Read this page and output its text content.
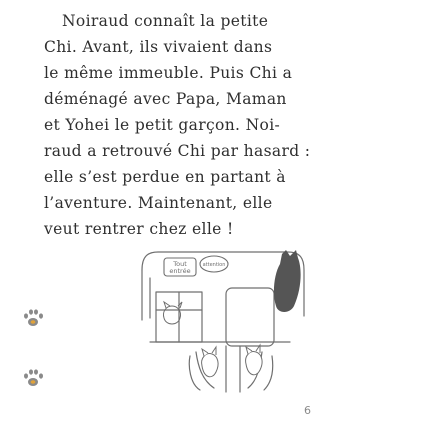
Noiraud connaît la petite
Chi. Avant, ils vivaient dans
le même immeuble. Puis Chi a
déménagé avec Papa, Maman
et Yohei le petit garçon. Noi-
raud a retrouvé Chi par hasard :
elle s’est perdue en partant à
l’aventure. Maintenant, elle
veut rentrer chez elle !
Tout
entrée
attention
6
